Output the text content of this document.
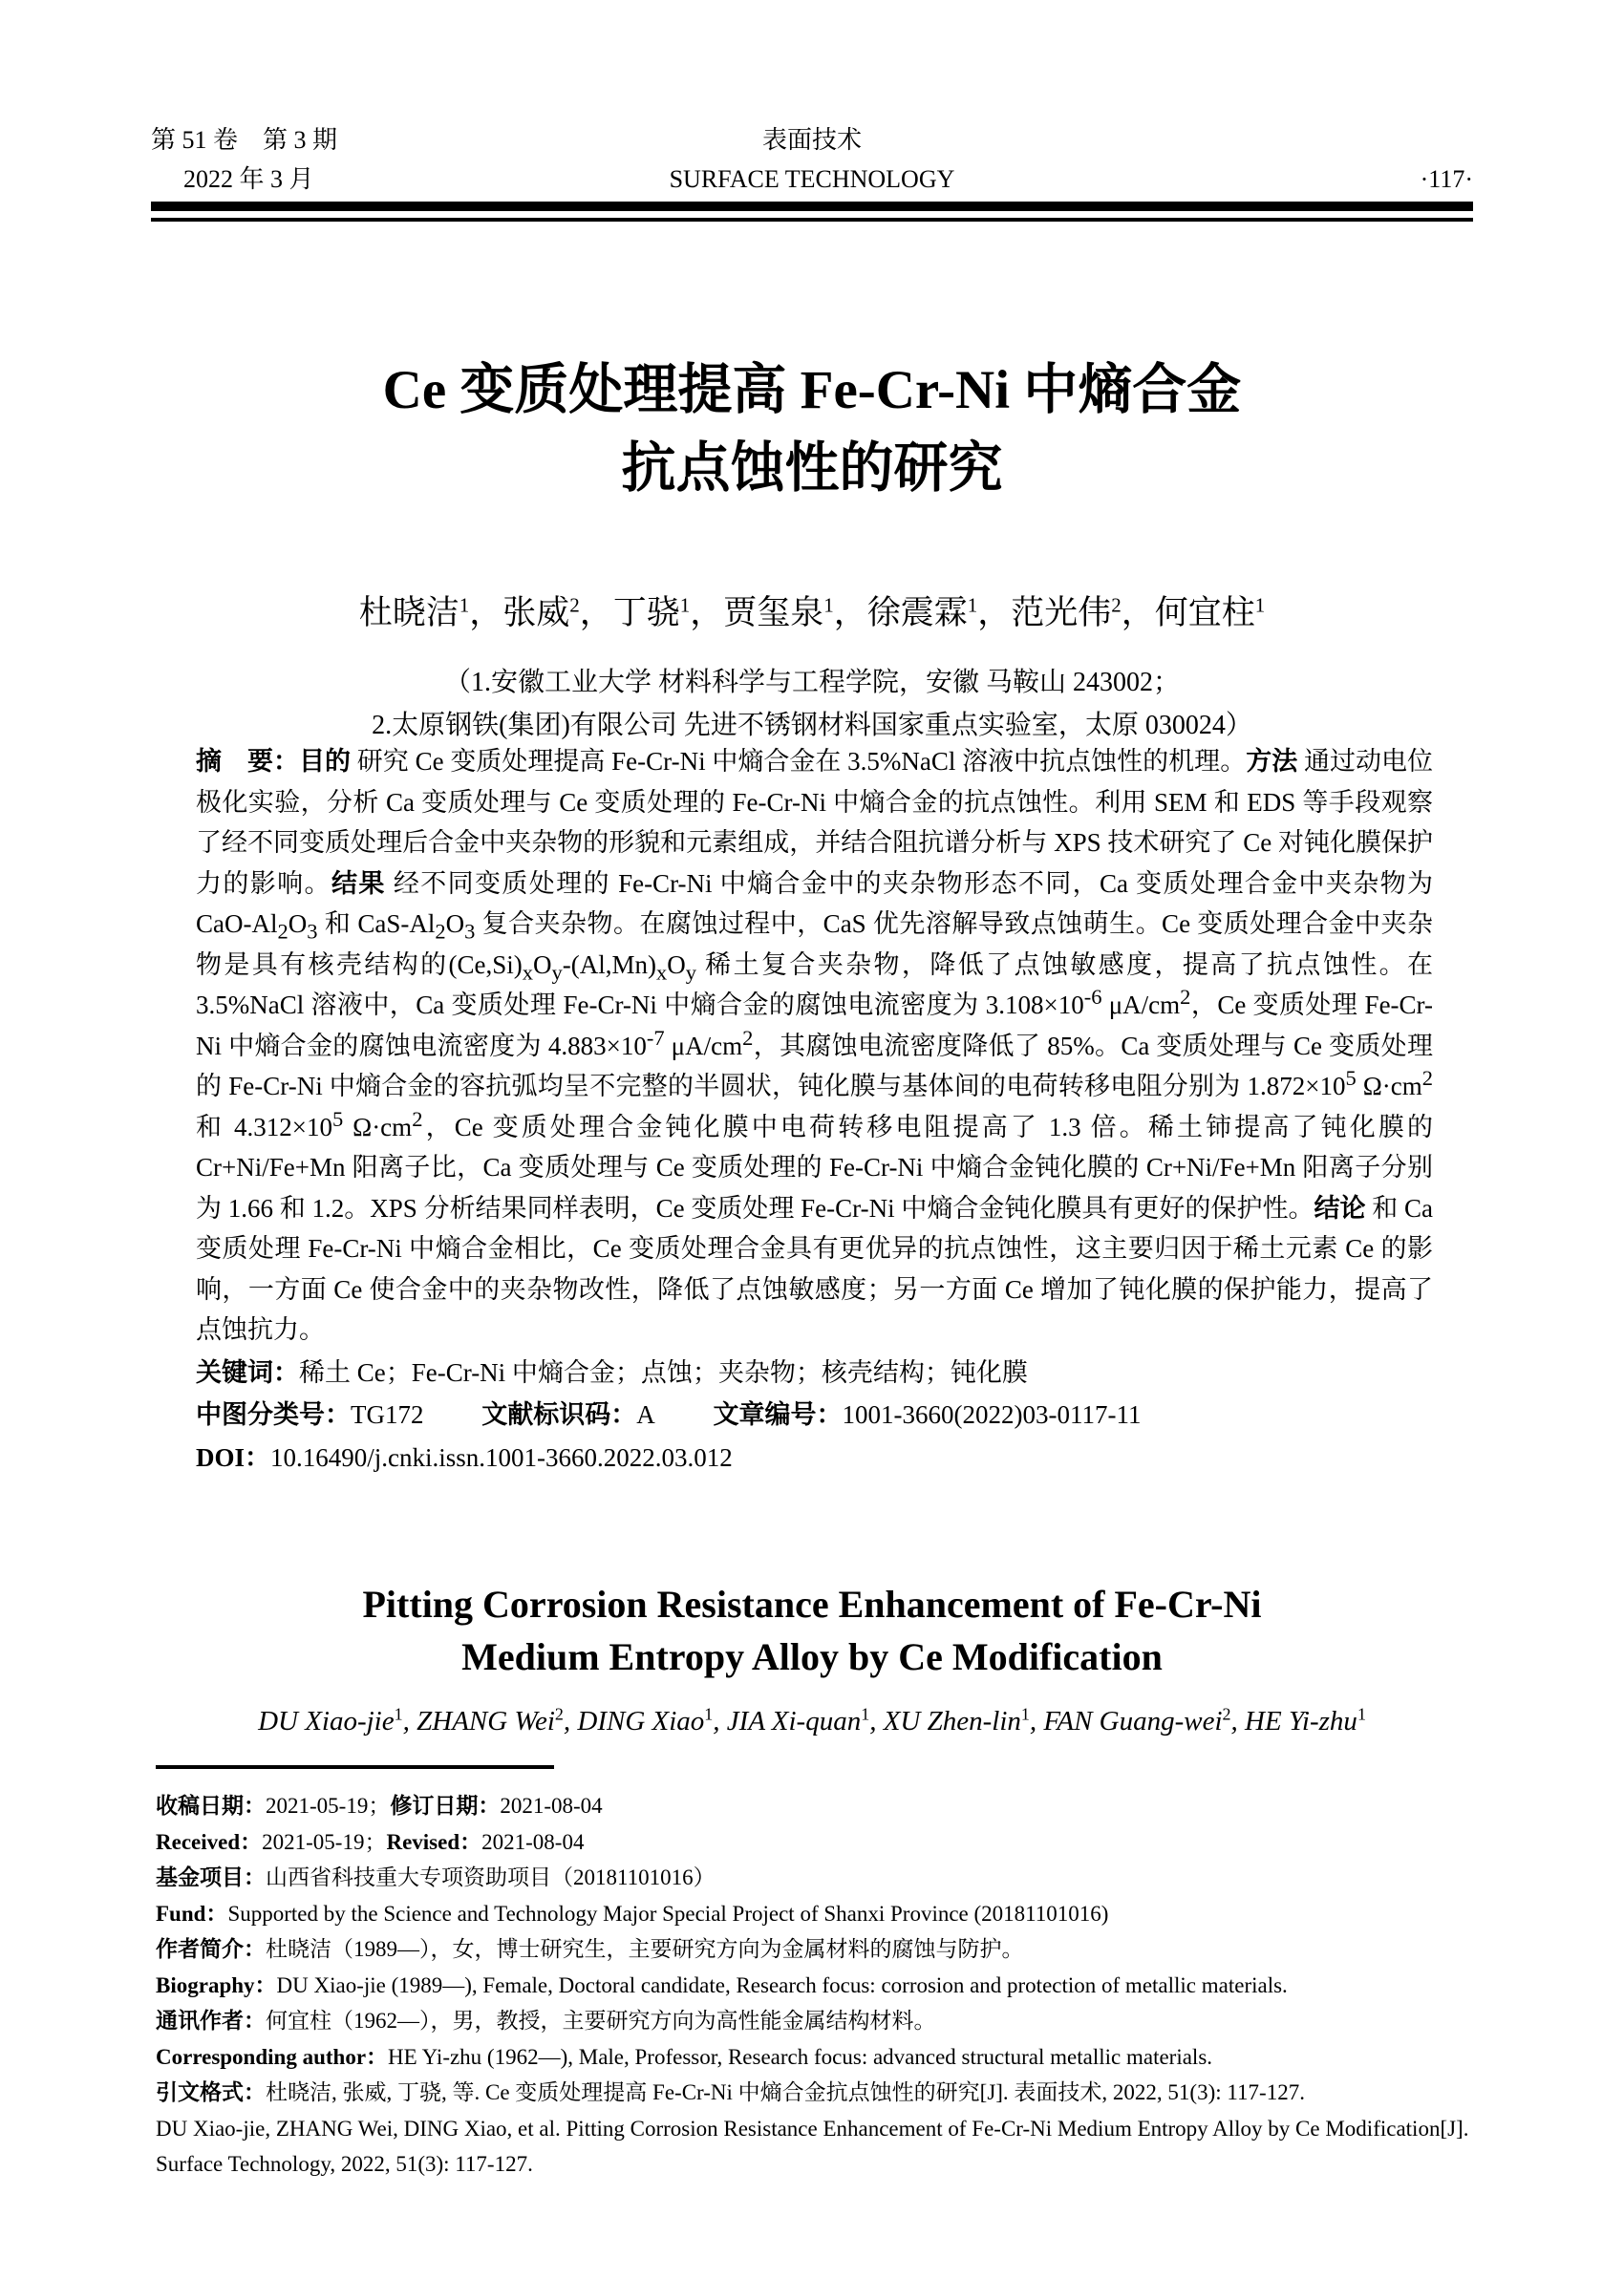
第 51 卷　第 3 期
2022 年 3 月
表面技术
SURFACE TECHNOLOGY	·117·
Ce 变质处理提高 Fe-Cr-Ni 中熵合金
抗点蚀性的研究
杜晓洁$^1$，张威$^2$，丁骁$^1$，贾玺泉$^1$，徐震霖$^1$，范光伟$^2$，何宜柱$^1$
（1.安徽工业大学 材料科学与工程学院，安徽 马鞍山 243002；
2.太原钢铁(集团)有限公司 先进不锈钢材料国家重点实验室，太原 030024）

摘　要：目的 研究 Ce 变质处理提高 Fe-Cr-Ni 中熵合金在 3.5%NaCl 溶液中抗点蚀性的机理。方法 通过动电位极化实验，分析 Ca 变质处理与 Ce 变质处理的 Fe-Cr-Ni 中熵合金的抗点蚀性。利用 SEM 和 EDS 等手段观察了经不同变质处理后合金中夹杂物的形貌和元素组成，并结合阻抗谱分析与 XPS 技术研究了 Ce 对钝化膜保护力的影响。结果 经不同变质处理的 Fe-Cr-Ni 中熵合金中的夹杂物形态不同，Ca 变质处理合金中夹杂物为 CaO-$Al_2O_3$ 和 CaS-$Al_2O_3$ 复合夹杂物。在腐蚀过程中，CaS 优先溶解导致点蚀萌生。Ce 变质处理合金中夹杂物是具有核壳结构的$(Ce,Si)_xO_y-(Al,Mn)_xO_y$ 稀土复合夹杂物，降低了点蚀敏感度，提高了抗点蚀性。在 3.5%NaCl 溶液中，Ca 变质处理 Fe-Cr-Ni 中熵合金的腐蚀电流密度为 $3.108\times 10^{-6}$ $\mu A/cm^2$，Ce 变质处理 Fe-Cr-Ni 中熵合金的腐蚀电流密度为 $4.883\times 10^{-7}$ $\mu A/cm^2$，其腐蚀电流密度降低了 85%。Ca 变质处理与 Ce 变质处理的 Fe-Cr-Ni 中熵合金的容抗弧均呈不完整的半圆状，钝化膜与基体间的电荷转移电阻分别为 $1.872\times 10^5$ $\Omega\cdot cm^2$ 和 $4.312\times 10^5$ $\Omega\cdot cm^2$，Ce 变质处理合金钝化膜中电荷转移电阻提高了 1.3 倍。稀土铈提高了钝化膜的 Cr+Ni/Fe+Mn 阳离子比，Ca 变质处理与 Ce 变质处理的 Fe-Cr-Ni 中熵合金钝化膜的 Cr+Ni/Fe+Mn 阳离子分别为 1.66 和 1.2。XPS 分析结果同样表明，Ce 变质处理 Fe-Cr-Ni 中熵合金钝化膜具有更好的保护性。结论 和 Ca 变质处理 Fe-Cr-Ni 中熵合金相比，Ce 变质处理合金具有更优异的抗点蚀性，这主要归因于稀土元素 Ce 的影响，一方面 Ce 使合金中的夹杂物改性，降低了点蚀敏感度；另一方面 Ce 增加了钝化膜的保护能力，提高了点蚀抗力。

关键词：稀土 Ce；Fe-Cr-Ni 中熵合金；点蚀；夹杂物；核壳结构；钝化膜
中图分类号：TG172 文献标识码：A 文章编号：1001-3660(2022)03-0117-11
DOI：10.16490/j.cnki.issn.1001-3660.2022.03.012
Pitting Corrosion Resistance Enhancement of Fe-Cr-Ni
Medium Entropy Alloy by Ce Modification
DU Xiao-jie$^1$, ZHANG Wei$^2$, DING Xiao$^1$, JIA Xi-quan$^1$, XU Zhen-lin$^1$, FAN Guang-wei$^2$, HE Yi-zhu$^1$
收稿日期：2021-05-19；修订日期：2021-08-04
Received：2021-05-19；Revised：2021-08-04
基金项目：山西省科技重大专项资助项目（20181101016）
Fund：Supported by the Science and Technology Major Special Project of Shanxi Province (20181101016)
作者简介：杜晓洁（1989—），女，博士研究生，主要研究方向为金属材料的腐蚀与防护。
Biography：DU Xiao-jie (1989—), Female, Doctoral candidate, Research focus: corrosion and protection of metallic materials.
通讯作者：何宜柱（1962—），男，教授，主要研究方向为高性能金属结构材料。
Corresponding author：HE Yi-zhu (1962—), Male, Professor, Research focus: advanced structural metallic materials.
引文格式：杜晓洁, 张威, 丁骁, 等. Ce 变质处理提高 Fe-Cr-Ni 中熵合金抗点蚀性的研究[J]. 表面技术, 2022, 51(3): 117-127.
DU Xiao-jie, ZHANG Wei, DING Xiao, et al. Pitting Corrosion Resistance Enhancement of Fe-Cr-Ni Medium Entropy Alloy by Ce Modification[J].
Surface Technology, 2022, 51(3): 117-127.
